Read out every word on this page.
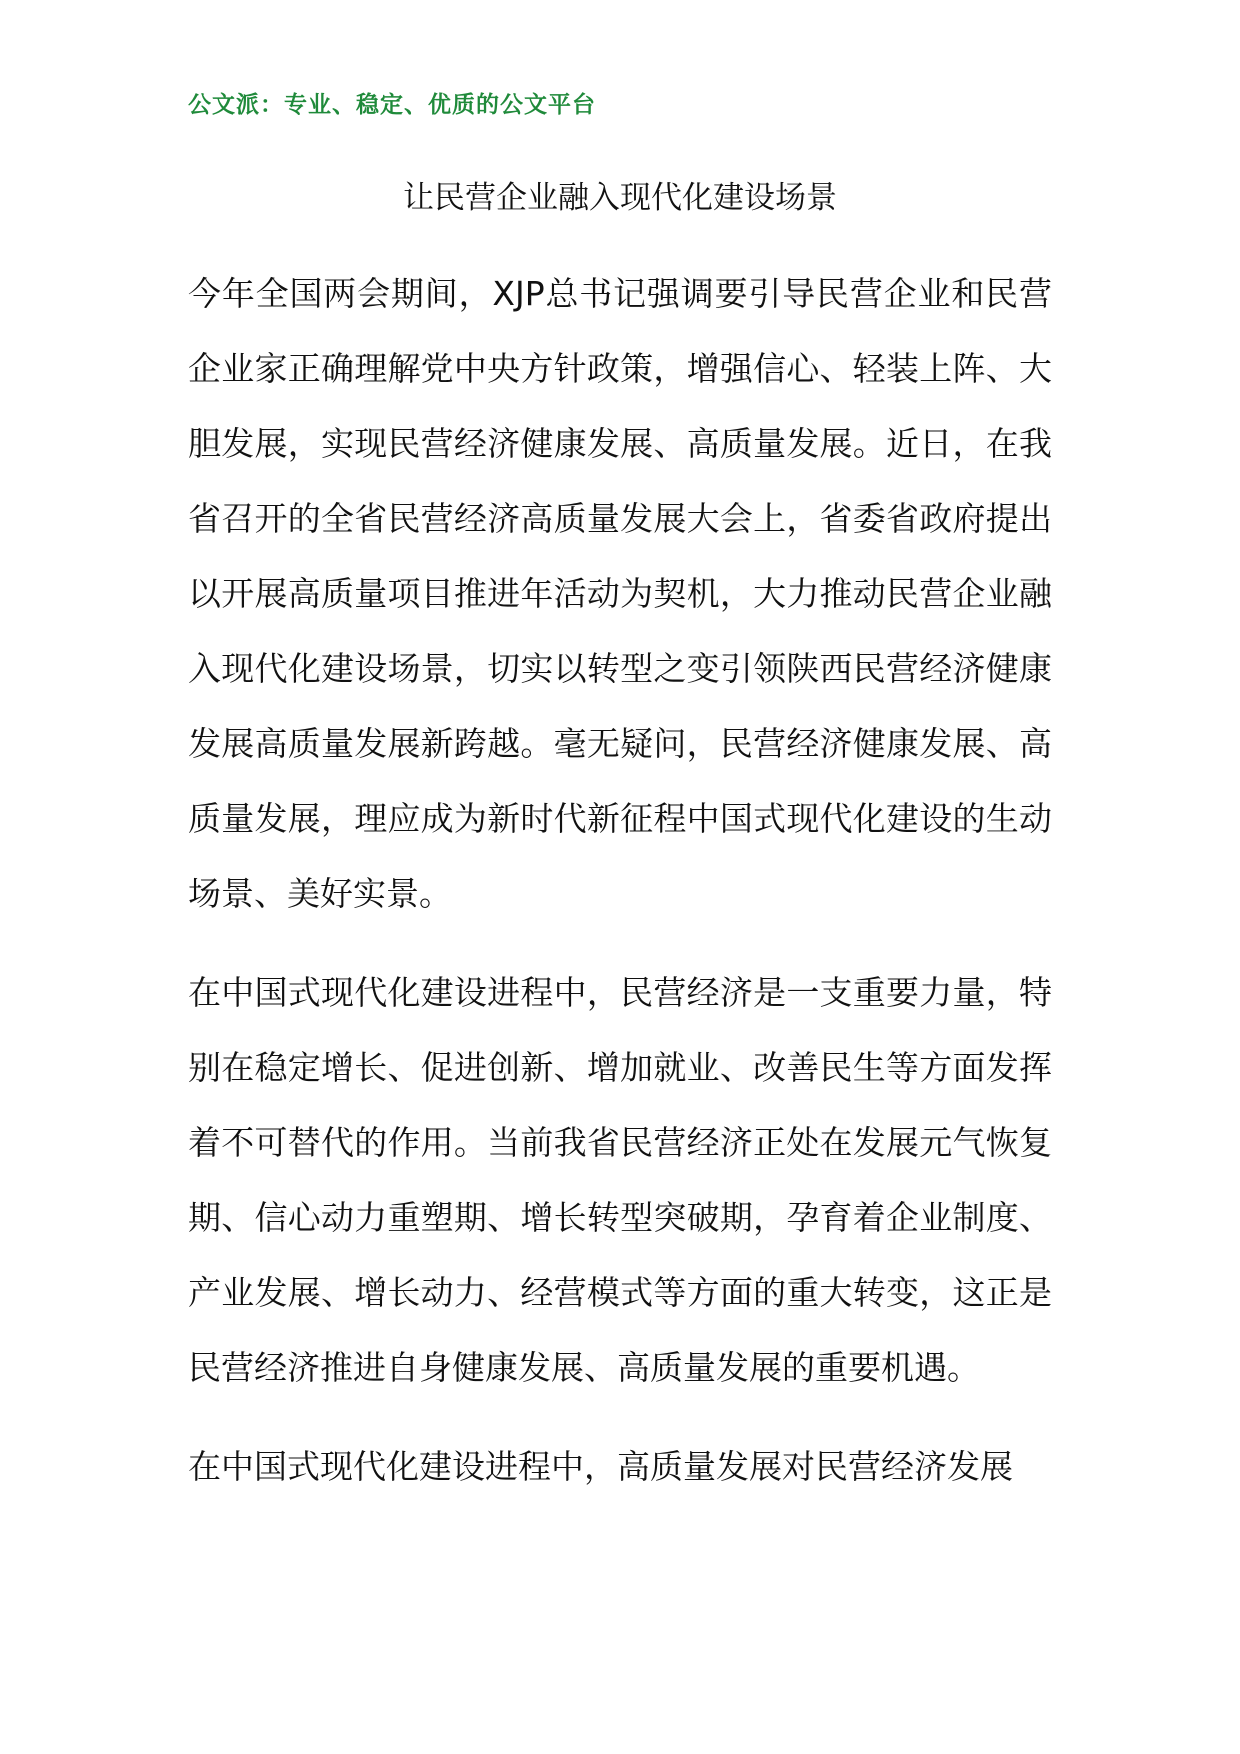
公文派：专业、稳定、优质的公文平台
让民营企业融入现代化建设场景

今年全国两会期间，XJP总书记强调要引导民营企业和民营企业家正确理解党中央方针政策，增强信心、轻装上阵、大胆发展，实现民营经济健康发展、高质量发展。近日，在我省召开的全省民营经济高质量发展大会上，省委省政府提出以开展高质量项目推进年活动为契机，大力推动民营企业融入现代化建设场景，切实以转型之变引领陕西民营经济健康发展高质量发展新跨越。毫无疑问，民营经济健康发展、高质量发展，理应成为新时代新征程中国式现代化建设的生动场景、美好实景。

在中国式现代化建设进程中，民营经济是一支重要力量，特别在稳定增长、促进创新、增加就业、改善民生等方面发挥着不可替代的作用。当前我省民营经济正处在发展元气恢复期、信心动力重塑期、增长转型突破期，孕育着企业制度、产业发展、增长动力、经营模式等方面的重大转变，这正是民营经济推进自身健康发展、高质量发展的重要机遇。

在中国式现代化建设进程中，高质量发展对民营经济发展
